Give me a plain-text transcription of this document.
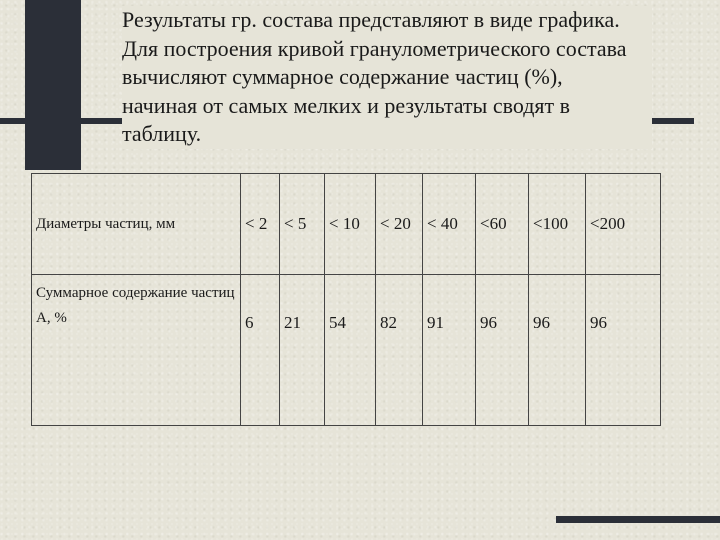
Результаты гр. состава представляют в виде графика. Для построения кривой гранулометрического состава вычисляют суммарное содержание частиц (%), начиная от самых мелких и результаты сводят в таблицу.

Диаметры частиц, мм	< 2	< 5	< 10	< 20	< 40	<60	<100	<200
Суммарное содержание частиц А, %	6	21	54	82	91	96	96	96
